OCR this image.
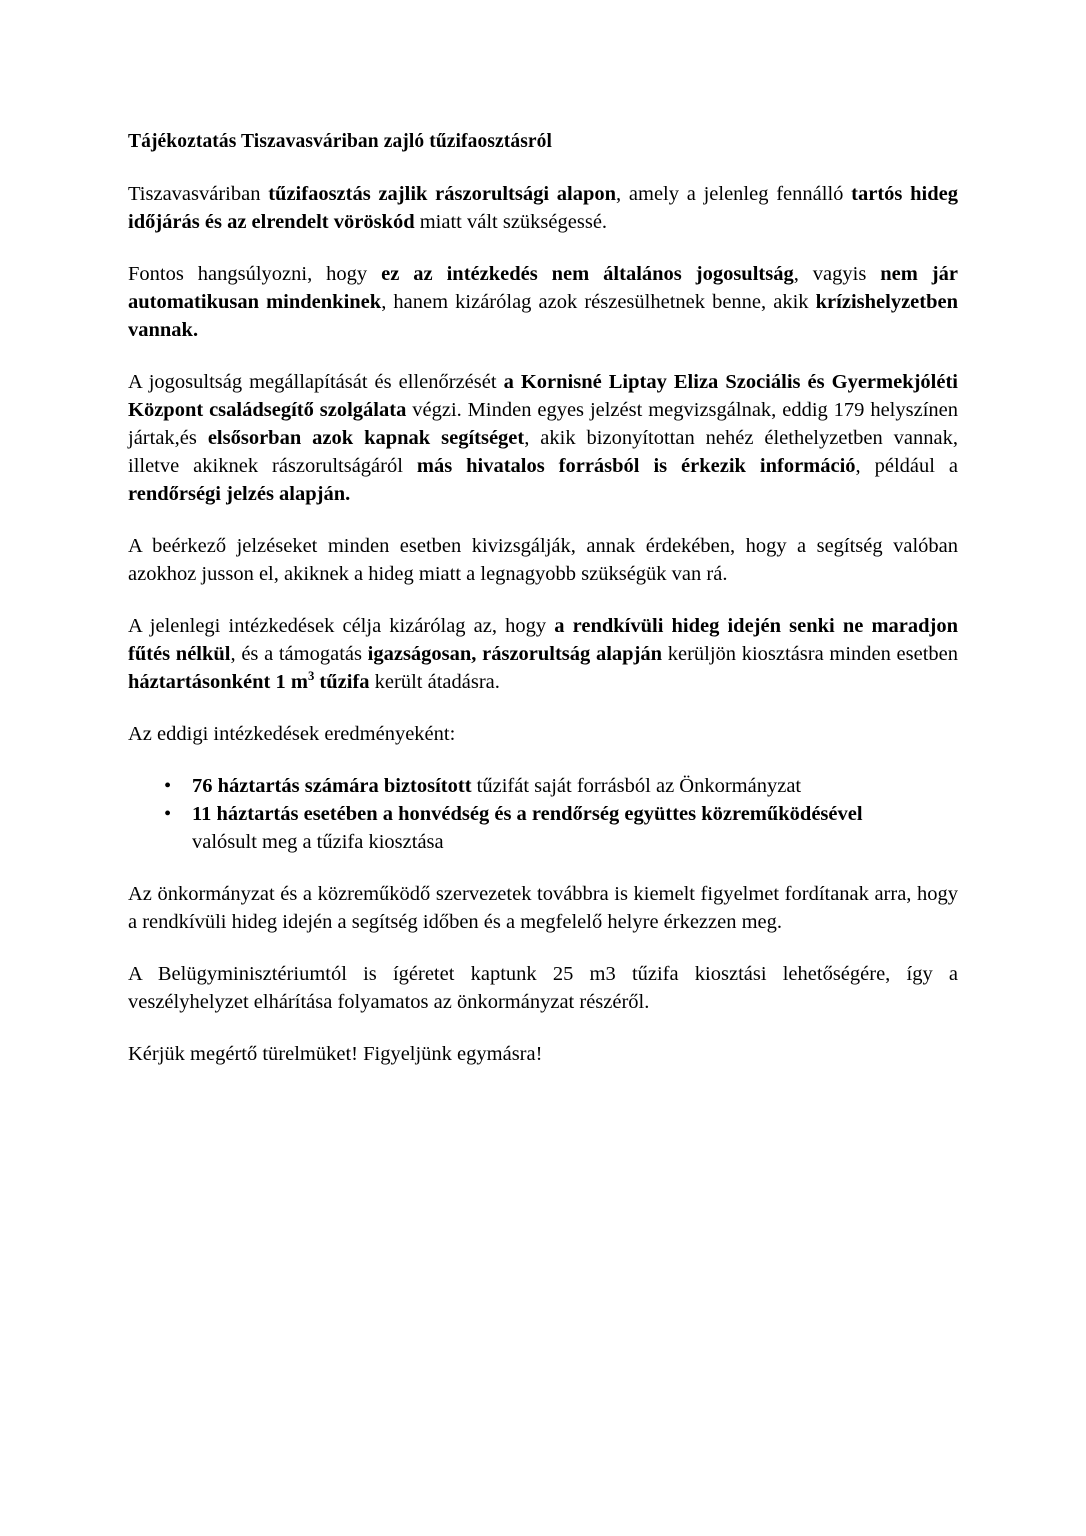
Tájékoztatás Tiszavasváriban zajló tűzifaosztásról

Tiszavasváriban tűzifaosztás zajlik rászorultsági alapon, amely a jelenleg fennálló tartós hideg időjárás és az elrendelt vöröskód miatt vált szükségessé.

Fontos hangsúlyozni, hogy ez az intézkedés nem általános jogosultság, vagyis nem jár automatikusan mindenkinek, hanem kizárólag azok részesülhetnek benne, akik krízishelyzetben vannak.

A jogosultság megállapítását és ellenőrzését a Kornisné Liptay Eliza Szociális és Gyermekjóléti Központ családsegítő szolgálata végzi. Minden egyes jelzést megvizsgálnak, eddig 179 helyszínen jártak,és elsősorban azok kapnak segítséget, akik bizonyítottan nehéz élethelyzetben vannak, illetve akiknek rászorultságáról más hivatalos forrásból is érkezik információ, például a rendőrségi jelzés alapján.

A beérkező jelzéseket minden esetben kivizsgálják, annak érdekében, hogy a segítség valóban azokhoz jusson el, akiknek a hideg miatt a legnagyobb szükségük van rá.

A jelenlegi intézkedések célja kizárólag az, hogy a rendkívüli hideg idején senki ne maradjon fűtés nélkül, és a támogatás igazságosan, rászorultság alapján kerüljön kiosztásra minden esetben háztartásonként 1 $m^3$ tűzifa került átadásra.

Az eddigi intézkedések eredményeként:

• 76 háztartás számára biztosított tűzifát saját forrásból az Önkormányzat
• 11 háztartás esetében a honvédség és a rendőrség együttes közreműködésével
valósult meg a tűzifa kiosztása

Az önkormányzat és a közreműködő szervezetek továbbra is kiemelt figyelmet fordítanak arra, hogy a rendkívüli hideg idején a segítség időben és a megfelelő helyre érkezzen meg.

A Belügyminisztériumtól is ígéretet kaptunk 25 m3 tűzifa kiosztási lehetőségére, így a veszélyhelyzet elhárítása folyamatos az önkormányzat részéről.

Kérjük megértő türelmüket! Figyeljünk egymásra!
